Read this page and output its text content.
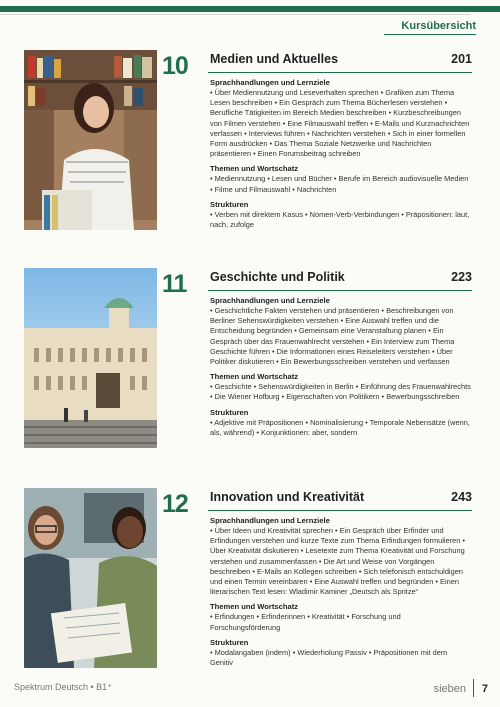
Kursübersicht
10	Medien und Aktuelles	201
Sprachhandlungen und Lernziele
• Über Mediennutzung und Leseverhalten sprechen • Grafiken zum Thema Lesen beschreiben • Ein Gespräch zum Thema Bücherlesen verstehen • Berufliche Tätigkeiten im Bereich Medien beschreiben • Kurzbeschreibungen von Filmen verstehen • Eine Filmauswahl treffen • E-Mails und Kurznachrichten verfassen • Interviews führen • Nachrichten verstehen • Sich in einer formellen Form ausdrücken • Das Thema Soziale Netzwerke und Nachrichten präsentieren • Einen Forumsbeitrag schreiben
Themen und Wortschatz
• Mediennutzung • Lesen und Bücher • Berufe im Bereich audiovisuelle Medien • Filme und Filmauswahl • Nachrichten
Strukturen
• Verben mit direktem Kasus • Nomen-Verb-Verbindungen • Präpositionen: laut, nach, zufolge
11	Geschichte und Politik	223
Sprachhandlungen und Lernziele
• Geschichtliche Fakten verstehen und präsentieren • Beschreibungen von Berliner Sehenswürdigkeiten verstehen • Eine Auswahl treffen und die Entscheidung begründen • Gemeinsam eine Veranstaltung planen • Ein Gespräch über das Frauenwahlrecht verstehen • Ein Interview zum Thema Geschichte führen • Die Informationen eines Reiseleiters verstehen • Über Politiker diskutieren • Ein Bewerbungsschreiben verstehen und verfassen
Themen und Wortschatz
• Geschichte • Sehenswürdigkeiten in Berlin • Einführung des Frauenwahlrechts • Die Wiener Hofburg • Eigenschaften von Politikern • Bewerbungsschreiben
Strukturen
• Adjektive mit Präpositionen • Nominalisierung • Temporale Nebensätze (wenn, als, während) • Konjunktionen: aber, sondern
12	Innovation und Kreativität	243
Sprachhandlungen und Lernziele
• Über Ideen und Kreativität sprechen • Ein Gespräch über Erfinder und Erfindungen verstehen und kurze Texte zum Thema Erfindungen formulieren • Über Kreativität diskutieren • Lesetexte zum Thema Kreativität und Forschung verstehen und zusammenfassen • Die Art und Weise von Vorgängen beschreiben • E-Mails an Kollegen schreiben • Sich telefonisch entschuldigen und einen Termin vereinbaren • Eine Auswahl treffen und begründen • Einen literarischen Text lesen: Wladimir Kaminer „Deutsch als Spritze“
Themen und Wortschatz
• Erfindungen • Erfinderinnen • Kreativität • Forschung und Forschungsförderung
Strukturen
• Modalangaben (indem) • Wiederholung Passiv • Präpositionen mit dem Genitiv
Spektrum Deutsch • B1⁺	sieben 7
